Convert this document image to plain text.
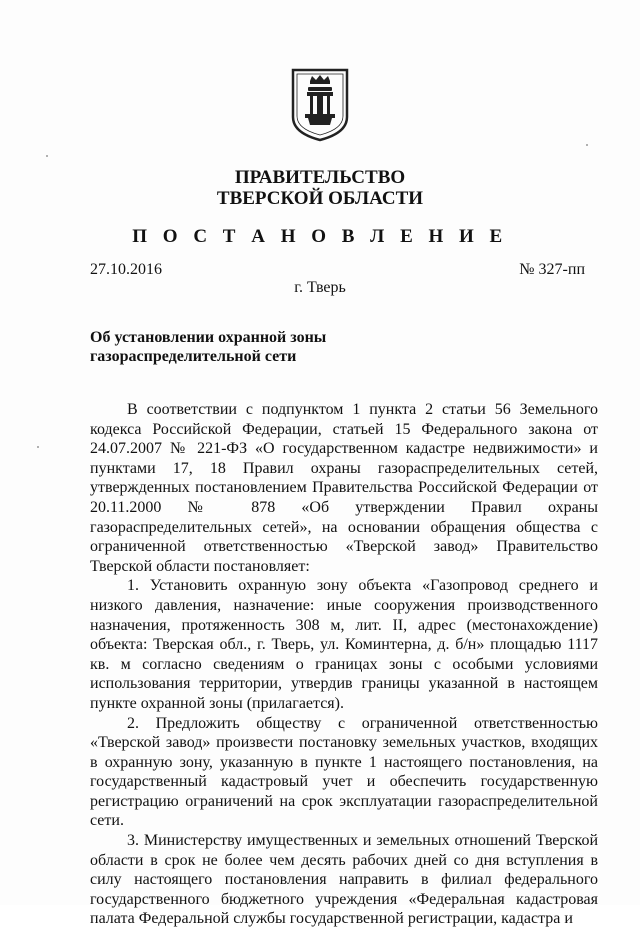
ПРАВИТЕЛЬСТВО
ТВЕРСКОЙ ОБЛАСТИ
П О С Т А Н О В Л Е Н И Е
27.10.2016	№ 327-пп
г. Тверь
Об установлении охранной зоны
газораспределительной сети

В соответствии с подпунктом 1 пункта 2 статьи 56 Земельного кодекса Российской Федерации, статьей 15 Федерального закона от 24.07.2007 № 221-ФЗ «О государственном кадастре недвижимости» и пунктами 17, 18 Правил охраны газораспределительных сетей, утвержденных постановлением Правительства Российской Федерации от 20.11.2000 № 878 «Об утверждении Правил охраны газораспределительных сетей», на основании обращения общества с ограниченной ответственностью «Тверской завод» Правительство Тверской области постановляет:

1. Установить охранную зону объекта «Газопровод среднего и низкого давления, назначение: иные сооружения производственного назначения, протяженность 308 м, лит. II, адрес (местонахождение) объекта: Тверская обл., г. Тверь, ул. Коминтерна, д. б/н» площадью 1117 кв. м согласно сведениям о границах зоны с особыми условиями использования территории, утвердив границы указанной в настоящем пункте охранной зоны (прилагается).

2. Предложить обществу с ограниченной ответственностью «Тверской завод» произвести постановку земельных участков, входящих в охранную зону, указанную в пункте 1 настоящего постановления, на государственный кадастровый учет и обеспечить государственную регистрацию ограничений на срок эксплуатации газораспределительной сети.

3. Министерству имущественных и земельных отношений Тверской области в срок не более чем десять рабочих дней со дня вступления в силу настоящего постановления направить в филиал федерального государственного бюджетного учреждения «Федеральная кадастровая палата Федеральной службы государственной регистрации, кадастра и
